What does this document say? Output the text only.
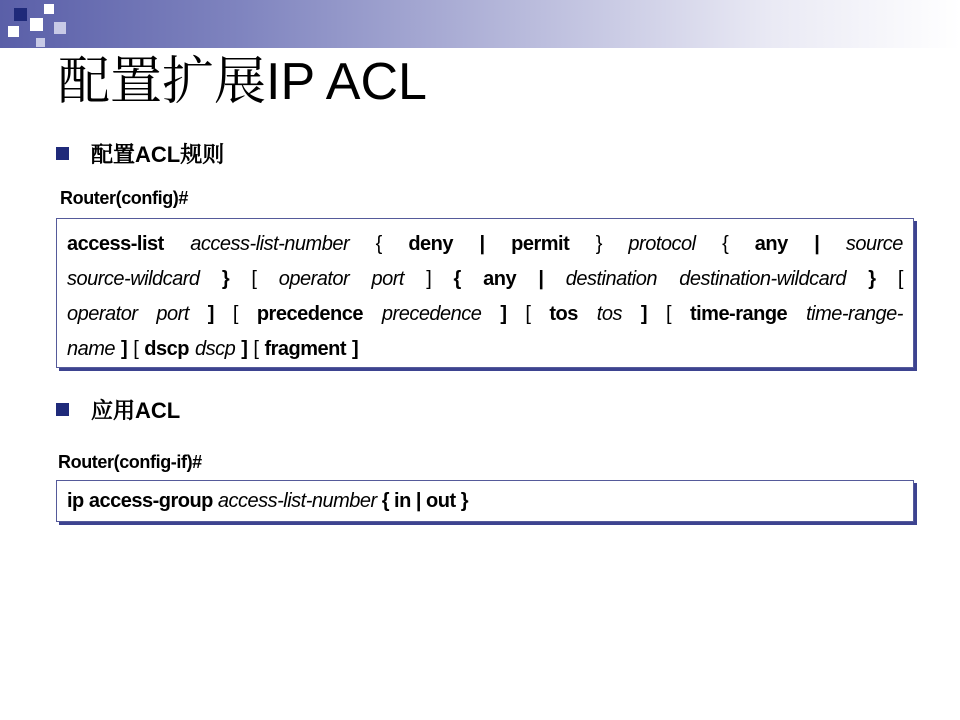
配置扩展IP ACL
配置ACL规则
Router(config)#
access-list access-list-number { deny | permit } protocol { any | source
source-wildcard } [ operator port ] { any | destination destination-wildcard } [
operator port ] [ precedence precedence ] [ tos tos ] [ time-range time-range-
name ] [ dscp dscp ] [ fragment ]
应用ACL
Router(config-if)#
ip access-group access-list-number { in | out }
